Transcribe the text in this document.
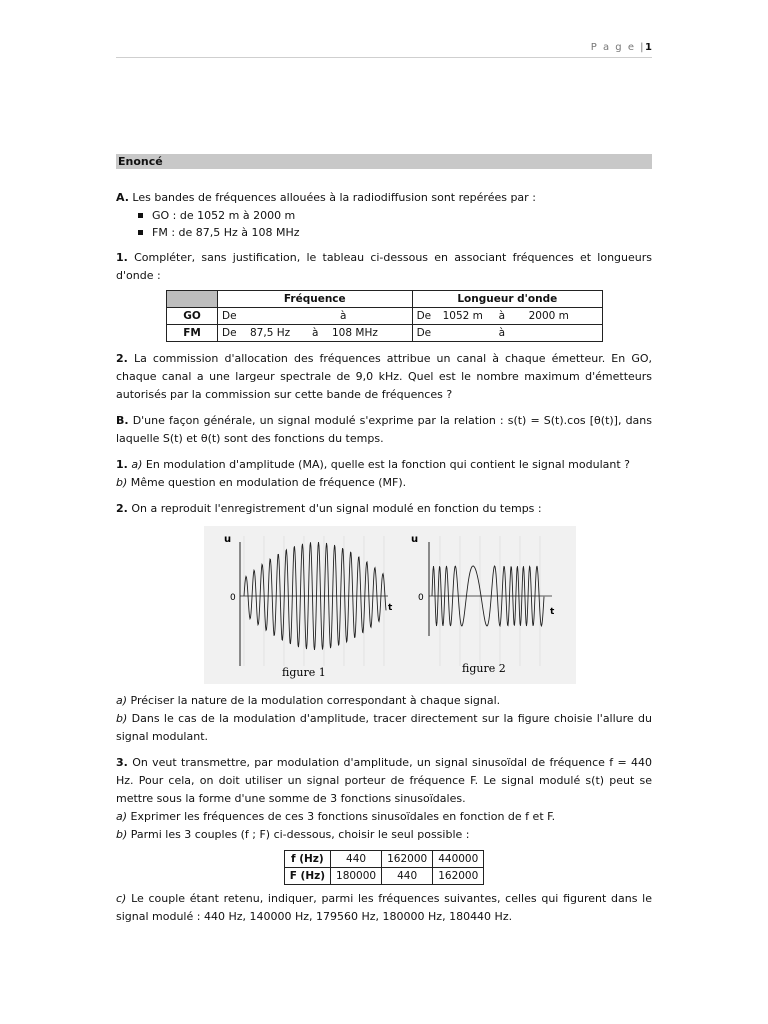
P a g e |1
Enoncé

A. Les bandes de fréquences allouées à la radiodiffusion sont repérées par :

GO : de 1052 m à 2000 m
FM : de 87,5 Hz à 108 MHz

1. Compléter, sans justification, le tableau ci-dessous en associant fréquences et longueurs d'onde :

	Fréquence	Longueur d'onde
GO	De à	De 1052 m à 2000 m
FM	De 87,5 Hz à 108 MHz	De à

2. La commission d'allocation des fréquences attribue un canal à chaque émetteur. En GO, chaque canal a une largeur spectrale de 9,0 kHz. Quel est le nombre maximum d'émetteurs autorisés par la commission sur cette bande de fréquences ?

B. D'une façon générale, un signal modulé s'exprime par la relation : s(t) = S(t).cos [θ(t)], dans laquelle S(t) et θ(t) sont des fonctions du temps.

1. a) En modulation d'amplitude (MA), quelle est la fonction qui contient le signal modulant ?

b) Même question en modulation de fréquence (MF).

2. On a reproduit l'enregistrement d'un signal modulé en fonction du temps :

u
0
t
figure 1
u
0
t
figure 2

a) Préciser la nature de la modulation correspondant à chaque signal.

b) Dans le cas de la modulation d'amplitude, tracer directement sur la figure choisie l'allure du signal modulant.

3. On veut transmettre, par modulation d'amplitude, un signal sinusoïdal de fréquence f = 440 Hz. Pour cela, on doit utiliser un signal porteur de fréquence F. Le signal modulé s(t) peut se mettre sous la forme d'une somme de 3 fonctions sinusoïdales.

a) Exprimer les fréquences de ces 3 fonctions sinusoïdales en fonction de f et F.

b) Parmi les 3 couples (f ; F) ci-dessous, choisir le seul possible :

f (Hz)	440	162000	440000
F (Hz)	180000	440	162000

c) Le couple étant retenu, indiquer, parmi les fréquences suivantes, celles qui figurent dans le signal modulé : 440 Hz, 140000 Hz, 179560 Hz, 180000 Hz, 180440 Hz.
